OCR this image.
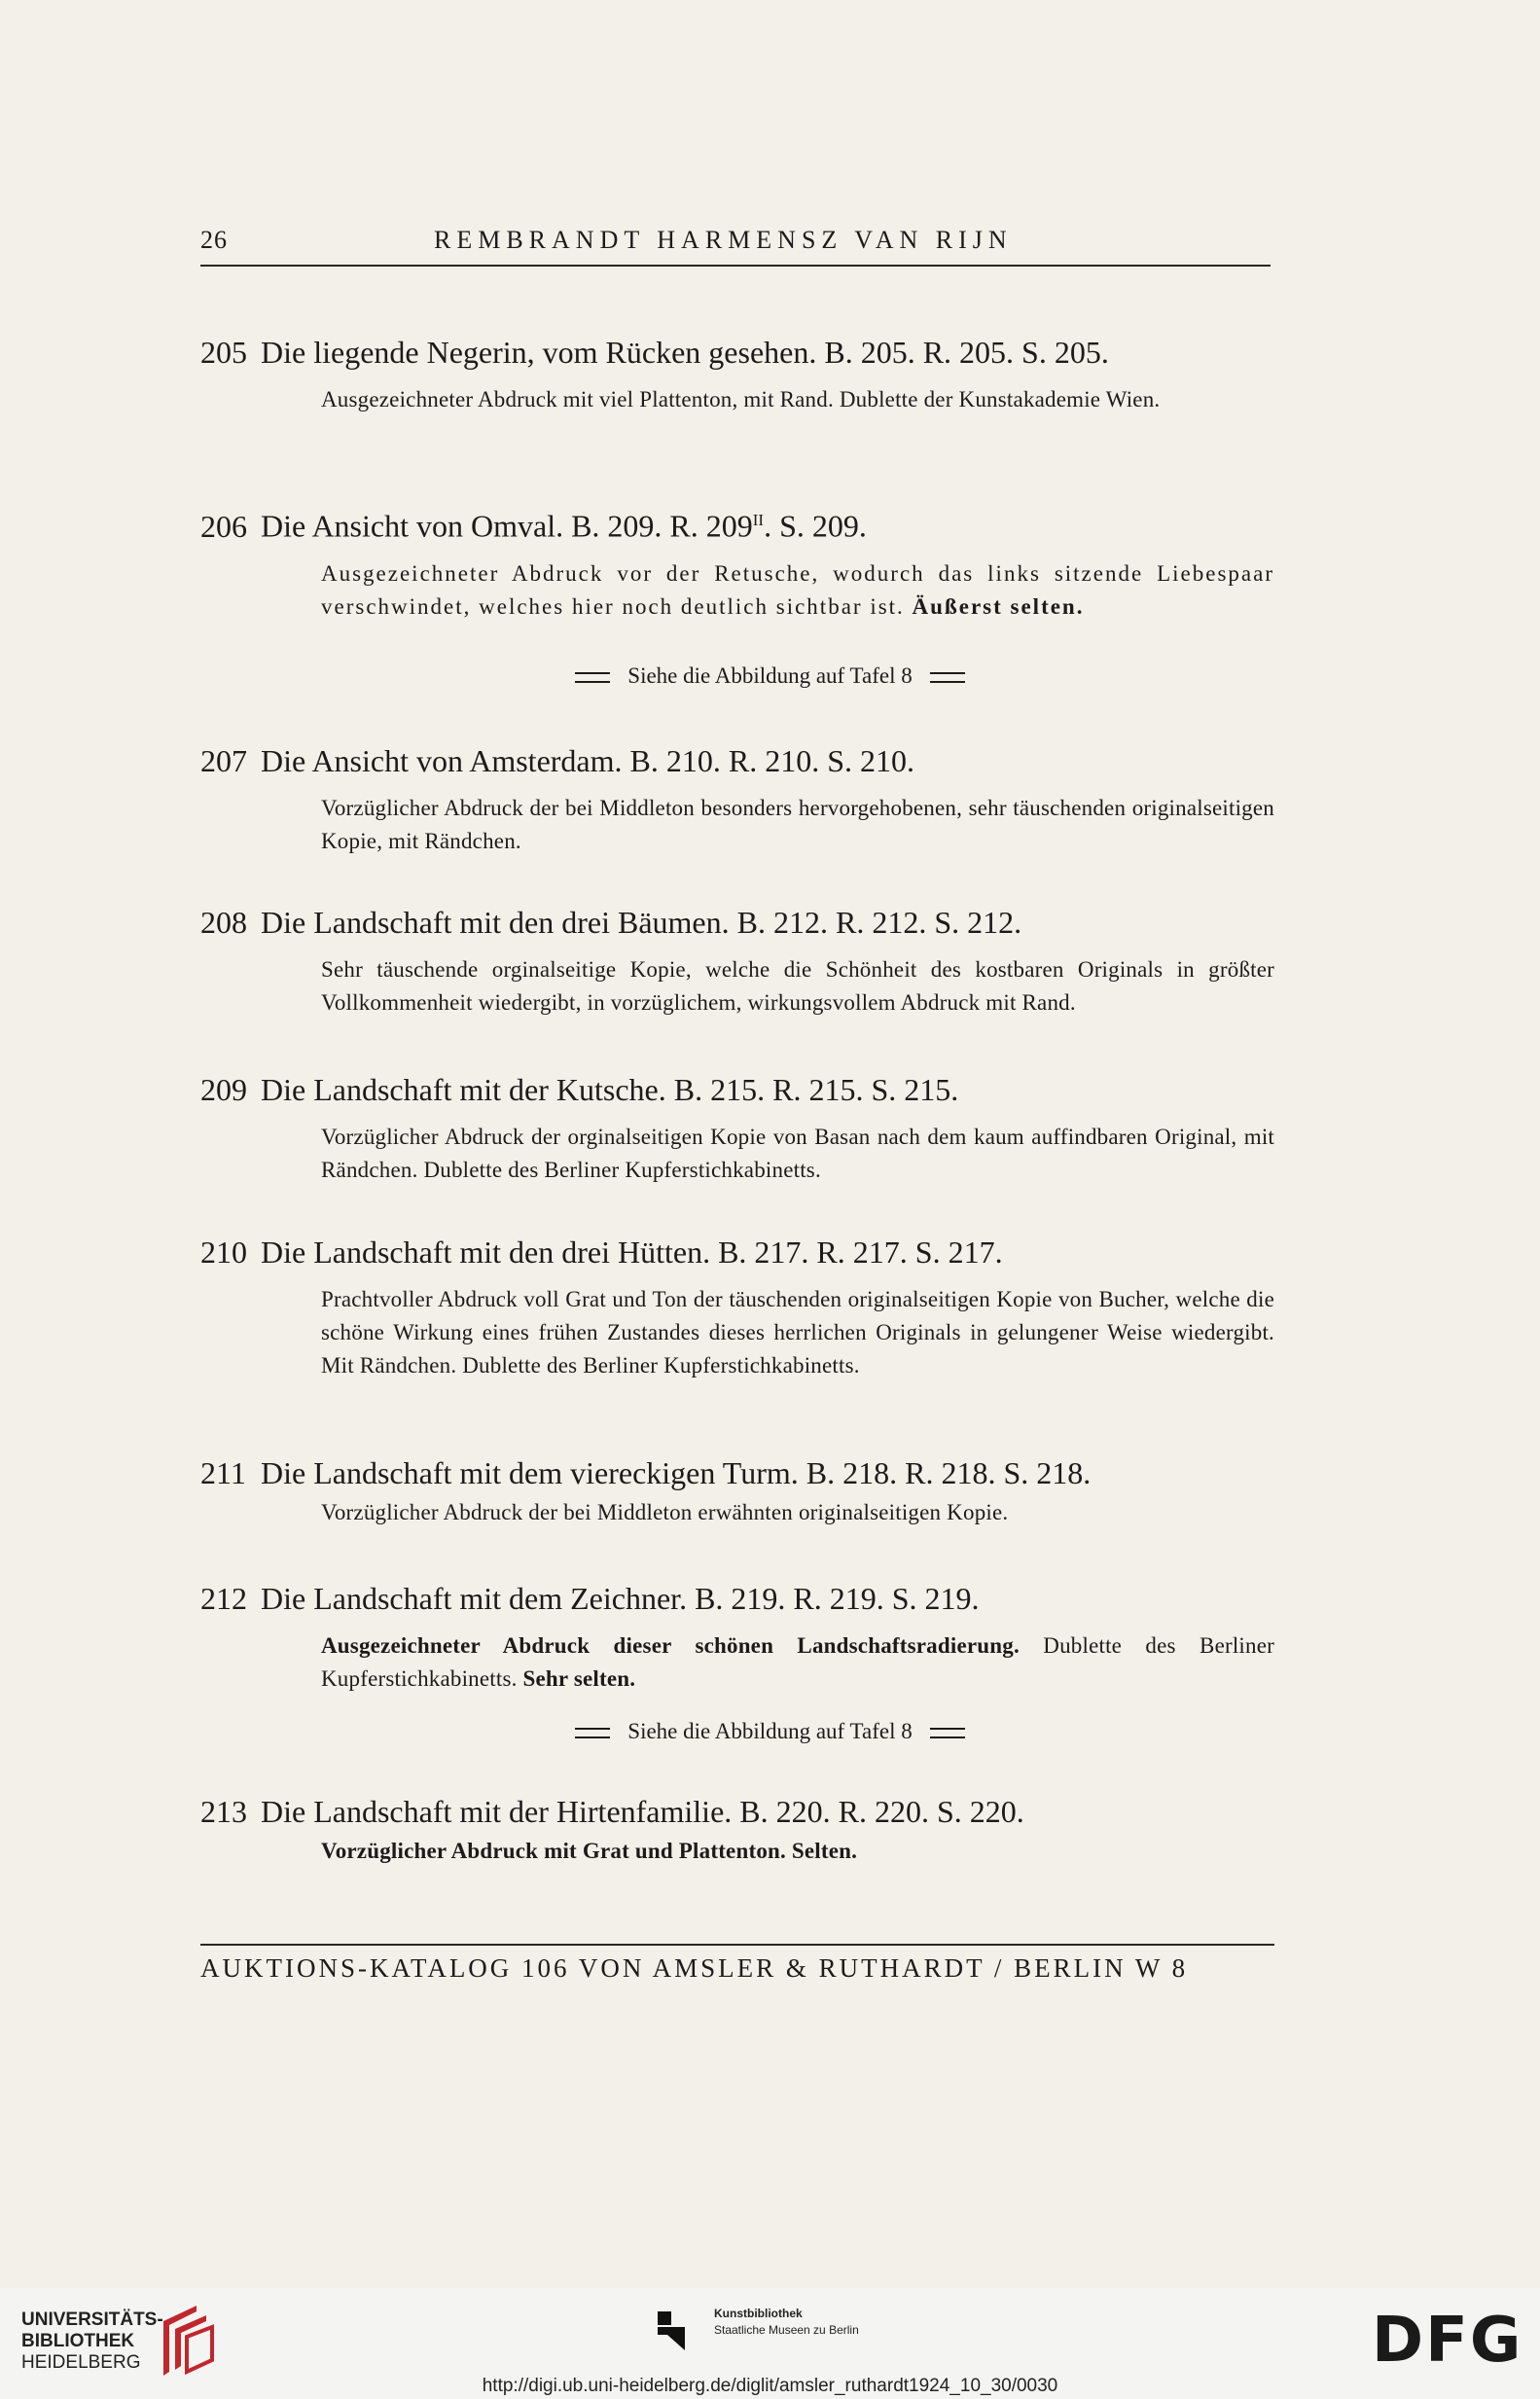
26	REMBRANDT HARMENSZ VAN RIJN
205 Die liegende Negerin, vom Rücken gesehen. B. 205. R. 205. S. 205.
Ausgezeichneter Abdruck mit viel Plattenton, mit Rand. Dublette der Kunstakademie Wien.
206 Die Ansicht von Omval. B. 209. R. $209^{II}$. S. 209.
Ausgezeichneter Abdruck vor der Retusche, wodurch das links sitzende Liebespaar verschwindet, welches hier noch deutlich sichtbar ist. Äußerst selten.
Siehe die Abbildung auf Tafel 8
207 Die Ansicht von Amsterdam. B. 210. R. 210. S. 210.
Vorzüglicher Abdruck der bei Middleton besonders hervorgehobenen, sehr täuschenden originalseitigen Kopie, mit Rändchen.
208 Die Landschaft mit den drei Bäumen. B. 212. R. 212. S. 212.
Sehr täuschende orginalseitige Kopie, welche die Schönheit des kostbaren Originals in größter Vollkommenheit wiedergibt, in vorzüglichem, wirkungsvollem Abdruck mit Rand.
209 Die Landschaft mit der Kutsche. B. 215. R. 215. S. 215.
Vorzüglicher Abdruck der orginalseitigen Kopie von Basan nach dem kaum auffindbaren Original, mit Rändchen. Dublette des Berliner Kupferstichkabinetts.
210 Die Landschaft mit den drei Hütten. B. 217. R. 217. S. 217.
Prachtvoller Abdruck voll Grat und Ton der täuschenden originalseitigen Kopie von Bucher, welche die schöne Wirkung eines frühen Zustandes dieses herrlichen Originals in gelungener Weise wiedergibt. Mit Rändchen. Dublette des Berliner Kupferstichkabinetts.
211 Die Landschaft mit dem viereckigen Turm. B. 218. R. 218. S. 218.
Vorzüglicher Abdruck der bei Middleton erwähnten originalseitigen Kopie.
212 Die Landschaft mit dem Zeichner. B. 219. R. 219. S. 219.
Ausgezeichneter Abdruck dieser schönen Landschaftsradierung. Dublette des Berliner Kupferstichkabinetts. Sehr selten.
Siehe die Abbildung auf Tafel 8
213 Die Landschaft mit der Hirtenfamilie. B. 220. R. 220. S. 220.
Vorzüglicher Abdruck mit Grat und Plattenton. Selten.
AUKTIONS-KATALOG 106 VON AMSLER & RUTHARDT / BERLIN W 8
UNIVERSITÄTS-
BIBLIOTHEK
HEIDELBERG
Kunstbibliothek
Staatliche Museen zu Berlin	DFG
http://digi.ub.uni-heidelberg.de/diglit/amsler_ruthardt1924_10_30/0030
